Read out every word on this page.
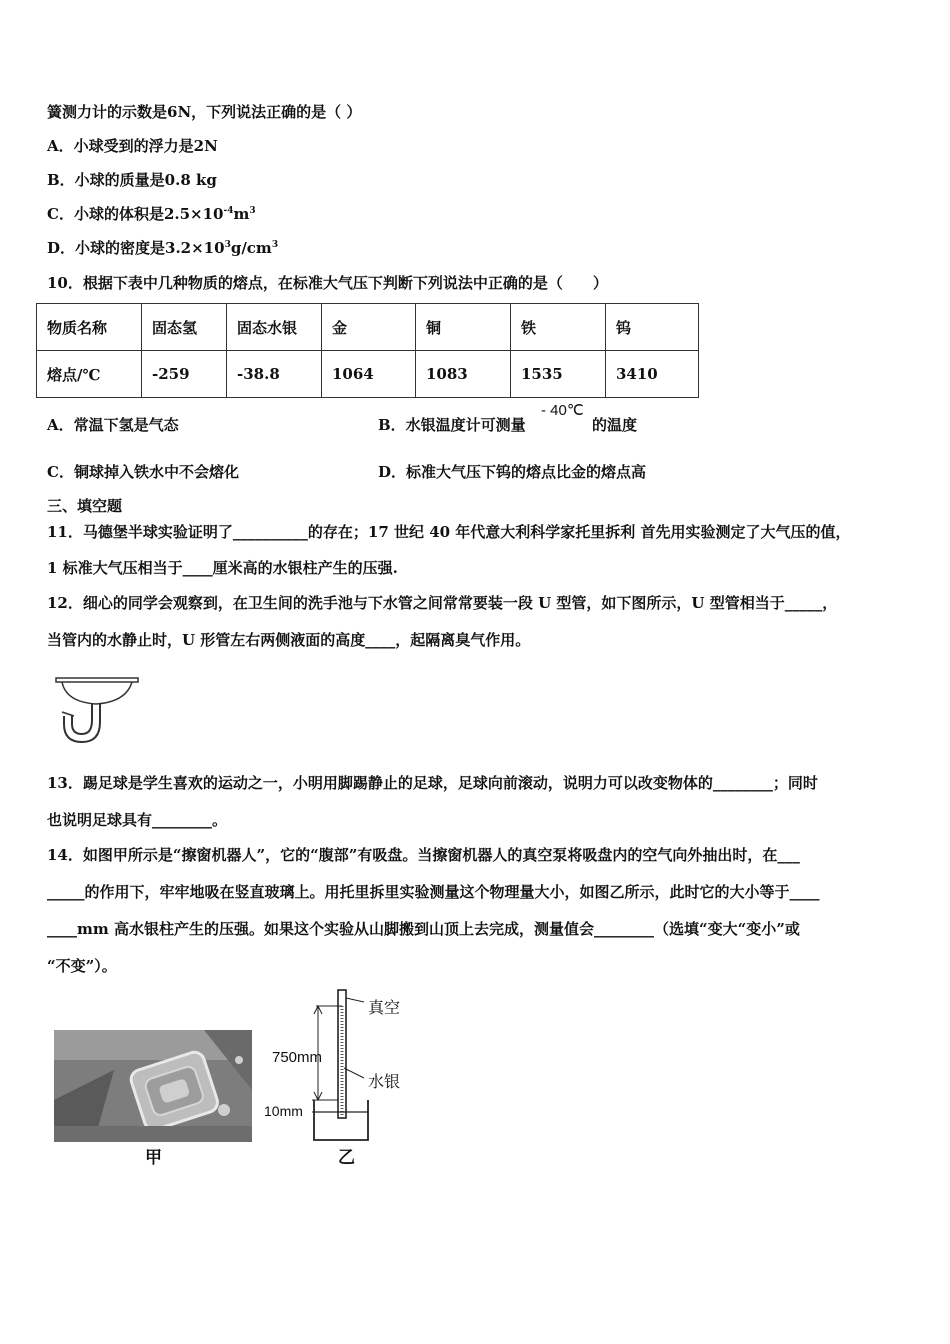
簧测力计的示数是6N，下列说法正确的是（ ）
A．小球受到的浮力是2N
B．小球的质量是0.8 kg
C．小球的体积是$2.5\times 10^{-4}m^3$
D．小球的密度是$3.2\times 10^3g/cm^3$
10．根据下表中几种物质的熔点，在标准大气压下判断下列说法中正确的是（　　）
物质名称	固态氢	固态水银	金	铜	铁	钨
熔点/℃	-259	-38.8	1064	1083	1535	3410
A．常温下氢是气态	B．水银温度计可测量
- 40℃
的温度
C．铜球掉入铁水中不会熔化	D．标准大气压下钨的熔点比金的熔点高
三、填空题
11．马德堡半球实验证明了__________的存在；17 世纪 40 年代意大利科学家托里拆利 首先用实验测定了大气压的值，
1 标准大气压相当于____厘米高的水银柱产生的压强.
12．细心的同学会观察到，在卫生间的洗手池与下水管之间常常要装一段 U 型管，如下图所示，U 型管相当于_____，
当管内的水静止时，U 形管左右两侧液面的高度____，起隔离臭气作用。
13．踢足球是学生喜欢的运动之一，小明用脚踢静止的足球，足球向前滚动，说明力可以改变物体的________；同时
也说明足球具有________。
14．如图甲所示是“擦窗机器人”，它的“腹部”有吸盘。当擦窗机器人的真空泵将吸盘内的空气向外抽出时，在___
_____的作用下，牢牢地吸在竖直玻璃上。用托里拆里实验测量这个物理量大小，如图乙所示，此时它的大小等于____
____mm 高水银柱产生的压强。如果这个实验从山脚搬到山顶上去完成，测量值会________（选填“变大“变小”或
“不变”）。
甲
真空
水银
750mm
10mm
乙
